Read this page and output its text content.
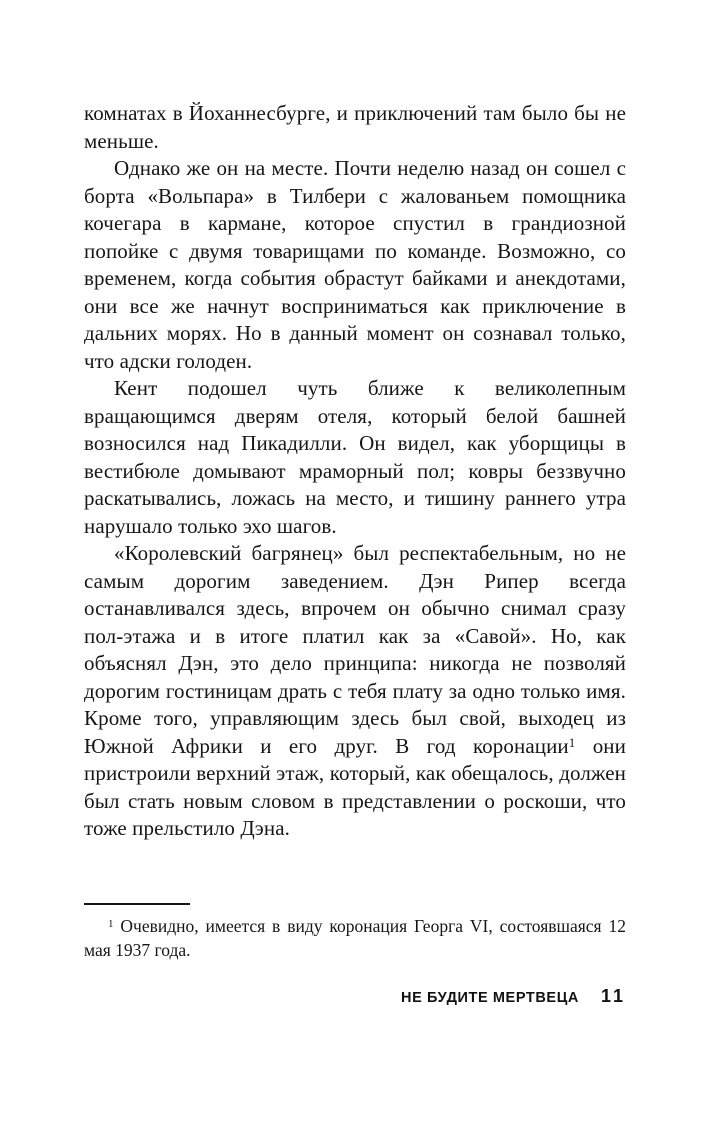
комнатах в Йоханнесбурге, и приключений там было бы не меньше.

Однако же он на месте. Почти неделю назад он сошел с борта «Вольпара» в Тилбери с жалованьем помощника кочегара в кармане, которое спустил в грандиозной попойке с двумя товарищами по команде. Возможно, со временем, когда события обрастут байками и анекдотами, они все же начнут восприниматься как приключение в дальних морях. Но в данный момент он сознавал только, что адски голоден.

Кент подошел чуть ближе к великолепным вращающимся дверям отеля, который белой башней возносился над Пикадилли. Он видел, как уборщицы в вестибюле домывают мраморный пол; ковры беззвучно раскатывались, ложась на место, и тишину раннего утра нарушало только эхо шагов.

«Королевский багрянец» был респектабельным, но не самым дорогим заведением. Дэн Рипер всегда останавливался здесь, впрочем он обычно снимал сразу пол-этажа и в итоге платил как за «Савой». Но, как объяснял Дэн, это дело принципа: никогда не позволяй дорогим гостиницам драть с тебя плату за одно только имя. Кроме того, управляющим здесь был свой, выходец из Южной Африки и его друг. В год коронации$^1$ они пристроили верхний этаж, который, как обещалось, должен был стать новым словом в представлении о роскоши, что тоже прельстило Дэна.

$^1$ Очевидно, имеется в виду коронация Георга VI, состоявшаяся 12 мая 1937 года.

НЕ БУДИТЕ МЕРТВЕЦА 11
